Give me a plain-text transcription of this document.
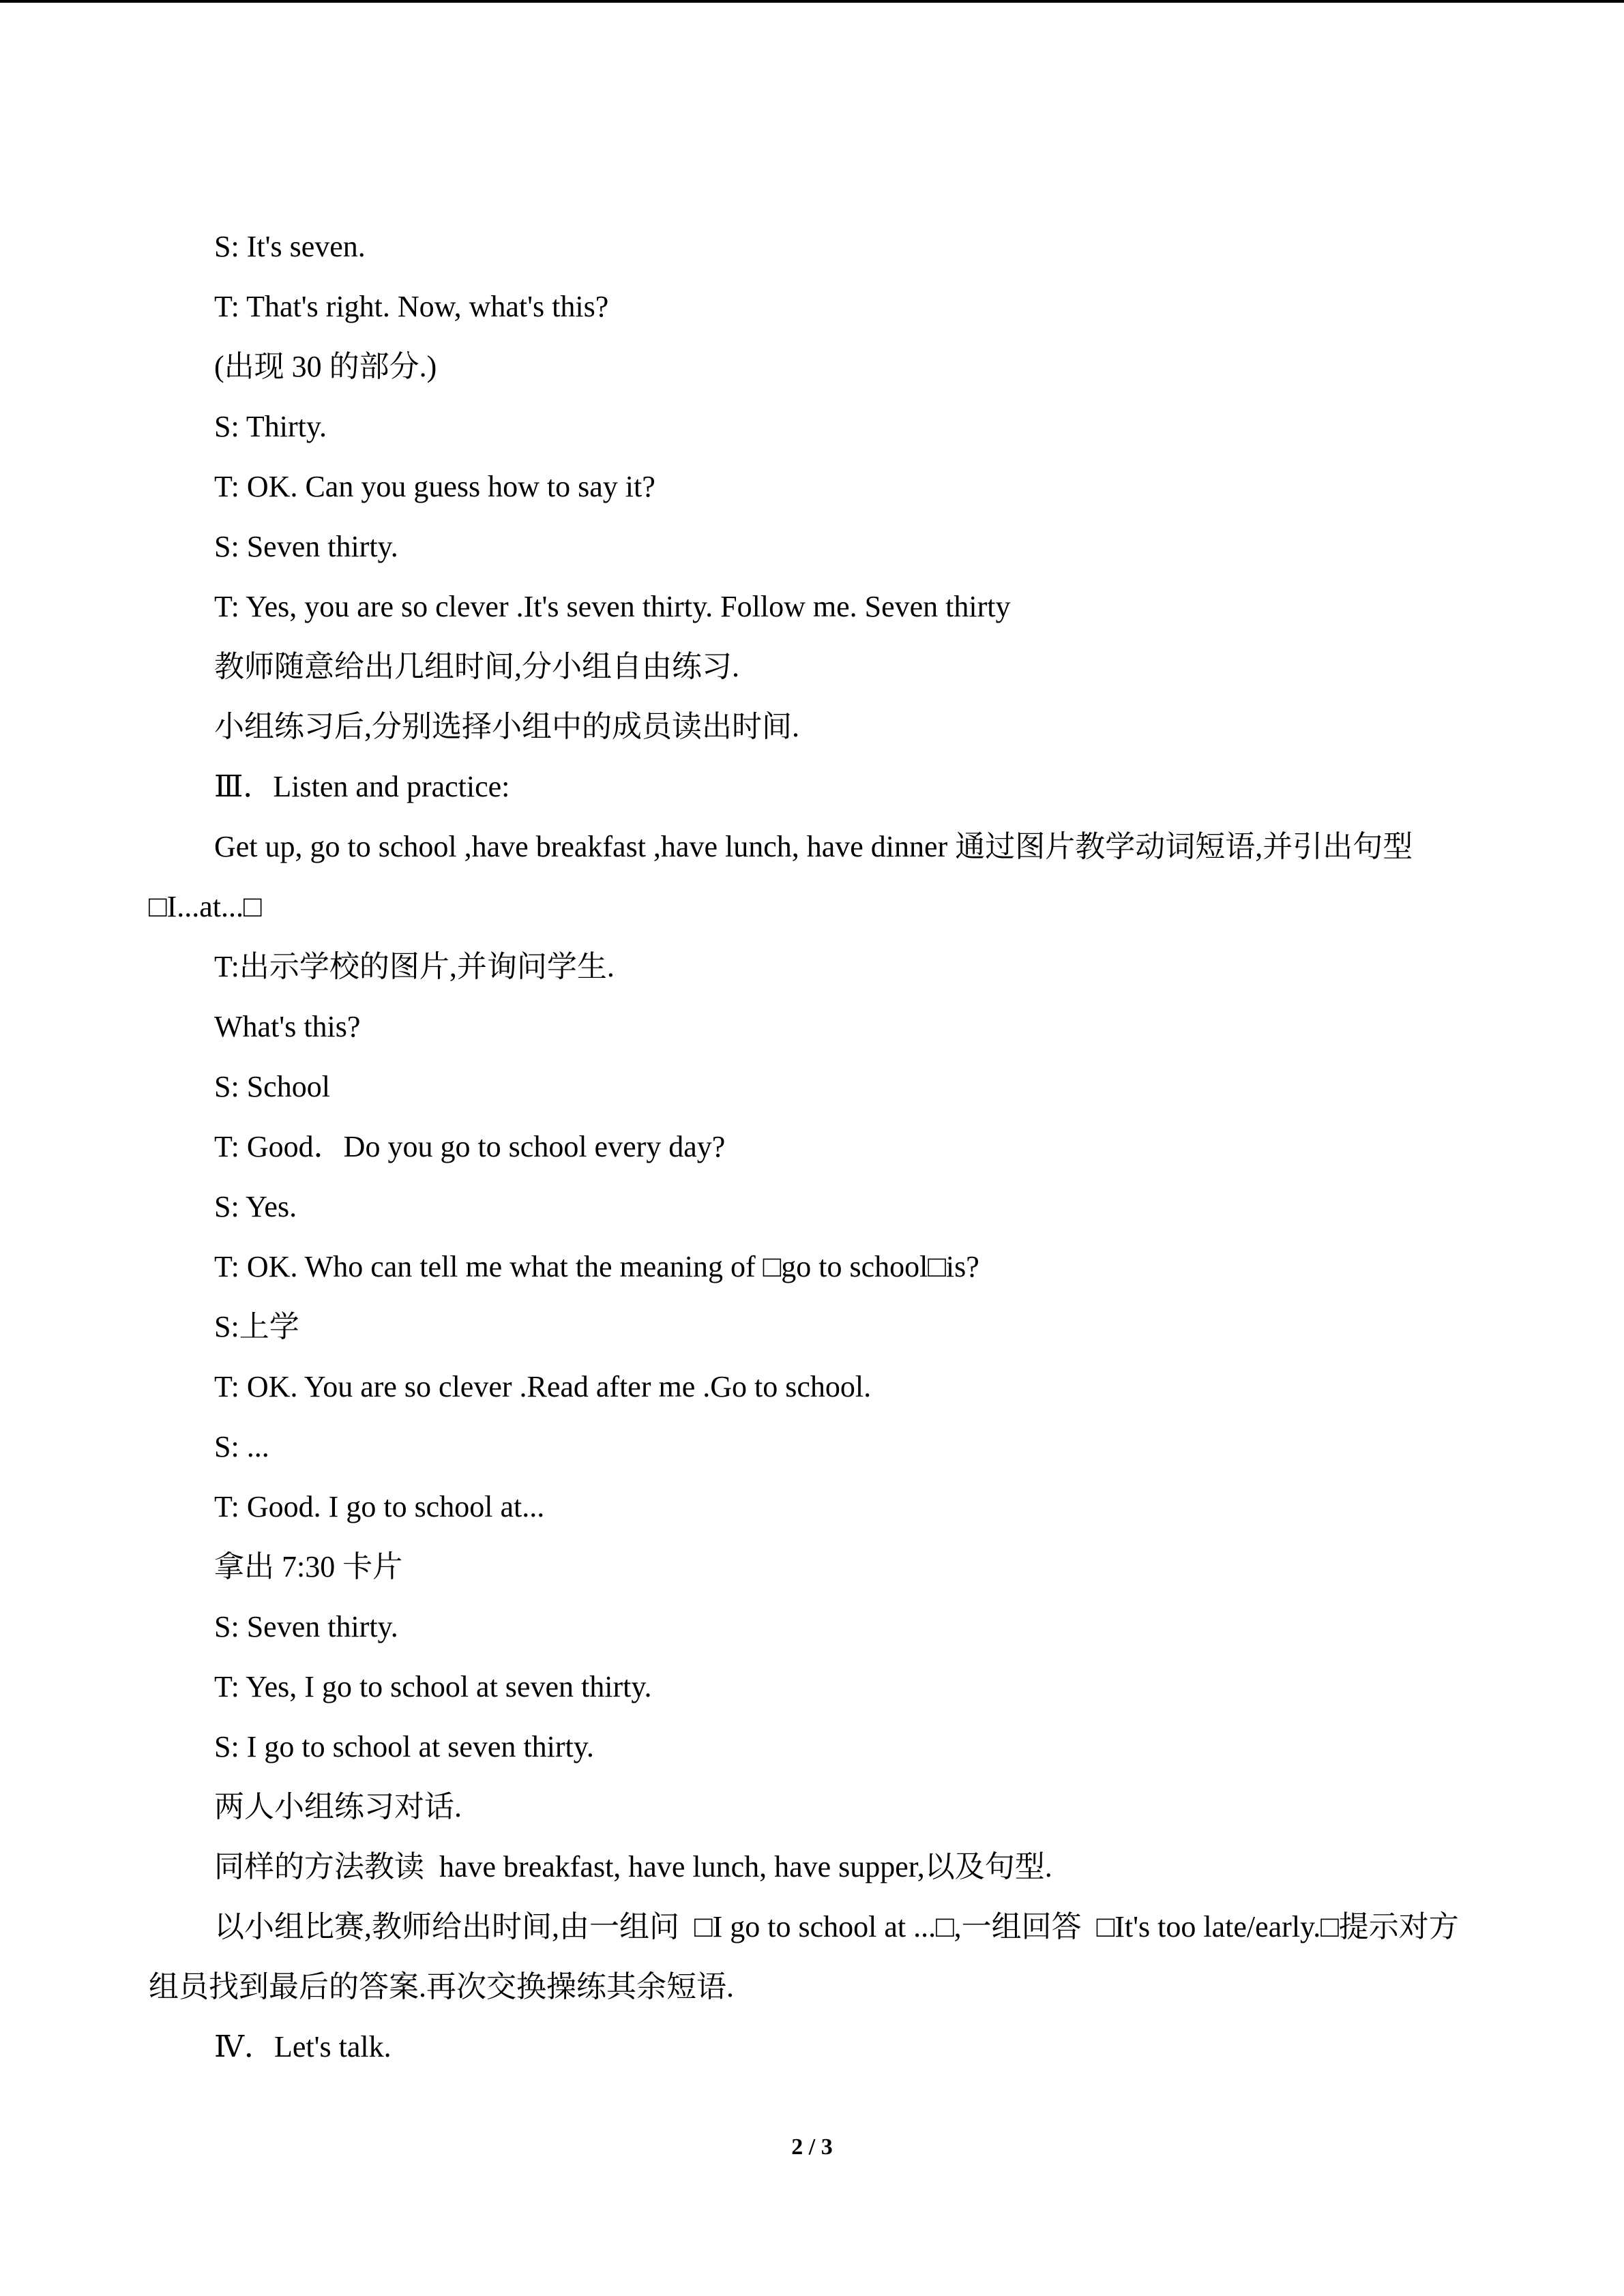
S: It's seven.

T: That's right. Now, what's this?

(出现 30 的部分.)

S: Thirty.

T: OK. Can you guess how to say it?

S: Seven thirty.

T: Yes, you are so clever .It's seven thirty. Follow me. Seven thirty

教师随意给出几组时间,分小组自由练习.

小组练习后,分别选择小组中的成员读出时间.

Ⅲ．Listen and practice:

Get up, go to school ,have breakfast ,have lunch, have dinner 通过图片教学动词短语,并引出句型□I...at...□

T:出示学校的图片,并询问学生.

What's this?

S: School

T: Good．Do you go to school every day?

S: Yes.

T: OK. Who can tell me what the meaning of □go to school□is?

S:上学

T: OK. You are so clever .Read after me .Go to school.

S: ...

T: Good. I go to school at...

拿出 7:30 卡片

S: Seven thirty.

T: Yes, I go to school at seven thirty.

S: I go to school at seven thirty.

两人小组练习对话.

同样的方法教读  have breakfast, have lunch, have supper,以及句型.

以小组比赛,教师给出时间,由一组问  □I go to school at ...□,一组回答  □It's too late/early.□提示对方组员找到最后的答案.再次交换操练其余短语.

Ⅳ．Let's talk.

2 / 3
